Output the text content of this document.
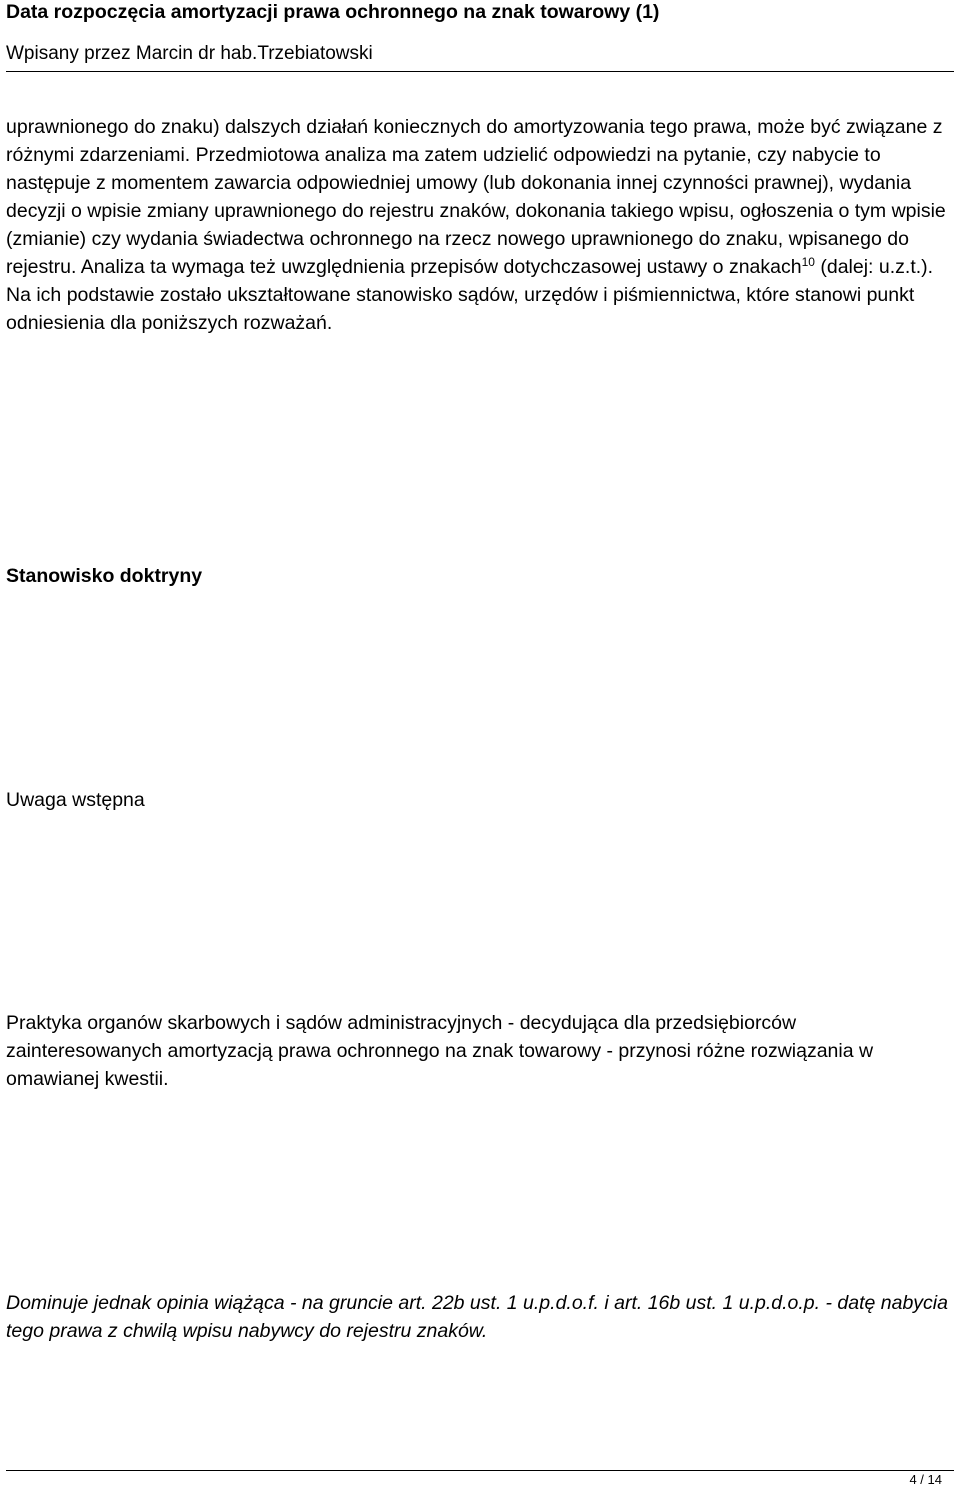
Data rozpoczęcia amortyzacji prawa ochronnego na znak towarowy (1)
Wpisany przez Marcin dr hab.Trzebiatowski

uprawnionego do znaku) dalszych działań koniecznych do amortyzowania tego prawa, może być związane z różnymi zdarzeniami. Przedmiotowa analiza ma zatem udzielić odpowiedzi na pytanie, czy nabycie to następuje z momentem zawarcia odpowiedniej umowy (lub dokonania innej czynności prawnej), wydania decyzji o wpisie zmiany uprawnionego do rejestru znaków, dokonania takiego wpisu, ogłoszenia o tym wpisie (zmianie) czy wydania świadectwa ochronnego na rzecz nowego uprawnionego do znaku, wpisanego do rejestru. Analiza ta wymaga też uwzględnienia przepisów dotychczasowej ustawy o znakach$^{10}$ (dalej: u.z.t.). Na ich podstawie zostało ukształtowane stanowisko sądów, urzędów i piśmiennictwa, które stanowi punkt odniesienia dla poniższych rozważań.

Stanowisko doktryny
Uwaga wstępna

Praktyka organów skarbowych i sądów administracyjnych - decydująca dla przedsiębiorców zainteresowanych amortyzacją prawa ochronnego na znak towarowy - przynosi różne rozwiązania w omawianej kwestii.

Dominuje jednak opinia wiążąca - na gruncie art. 22b ust. 1 u.p.d.o.f. i art. 16b ust. 1 u.p.d.o.p. - datę nabycia tego prawa z chwilą wpisu nabywcy do rejestru znaków.

4 / 14
